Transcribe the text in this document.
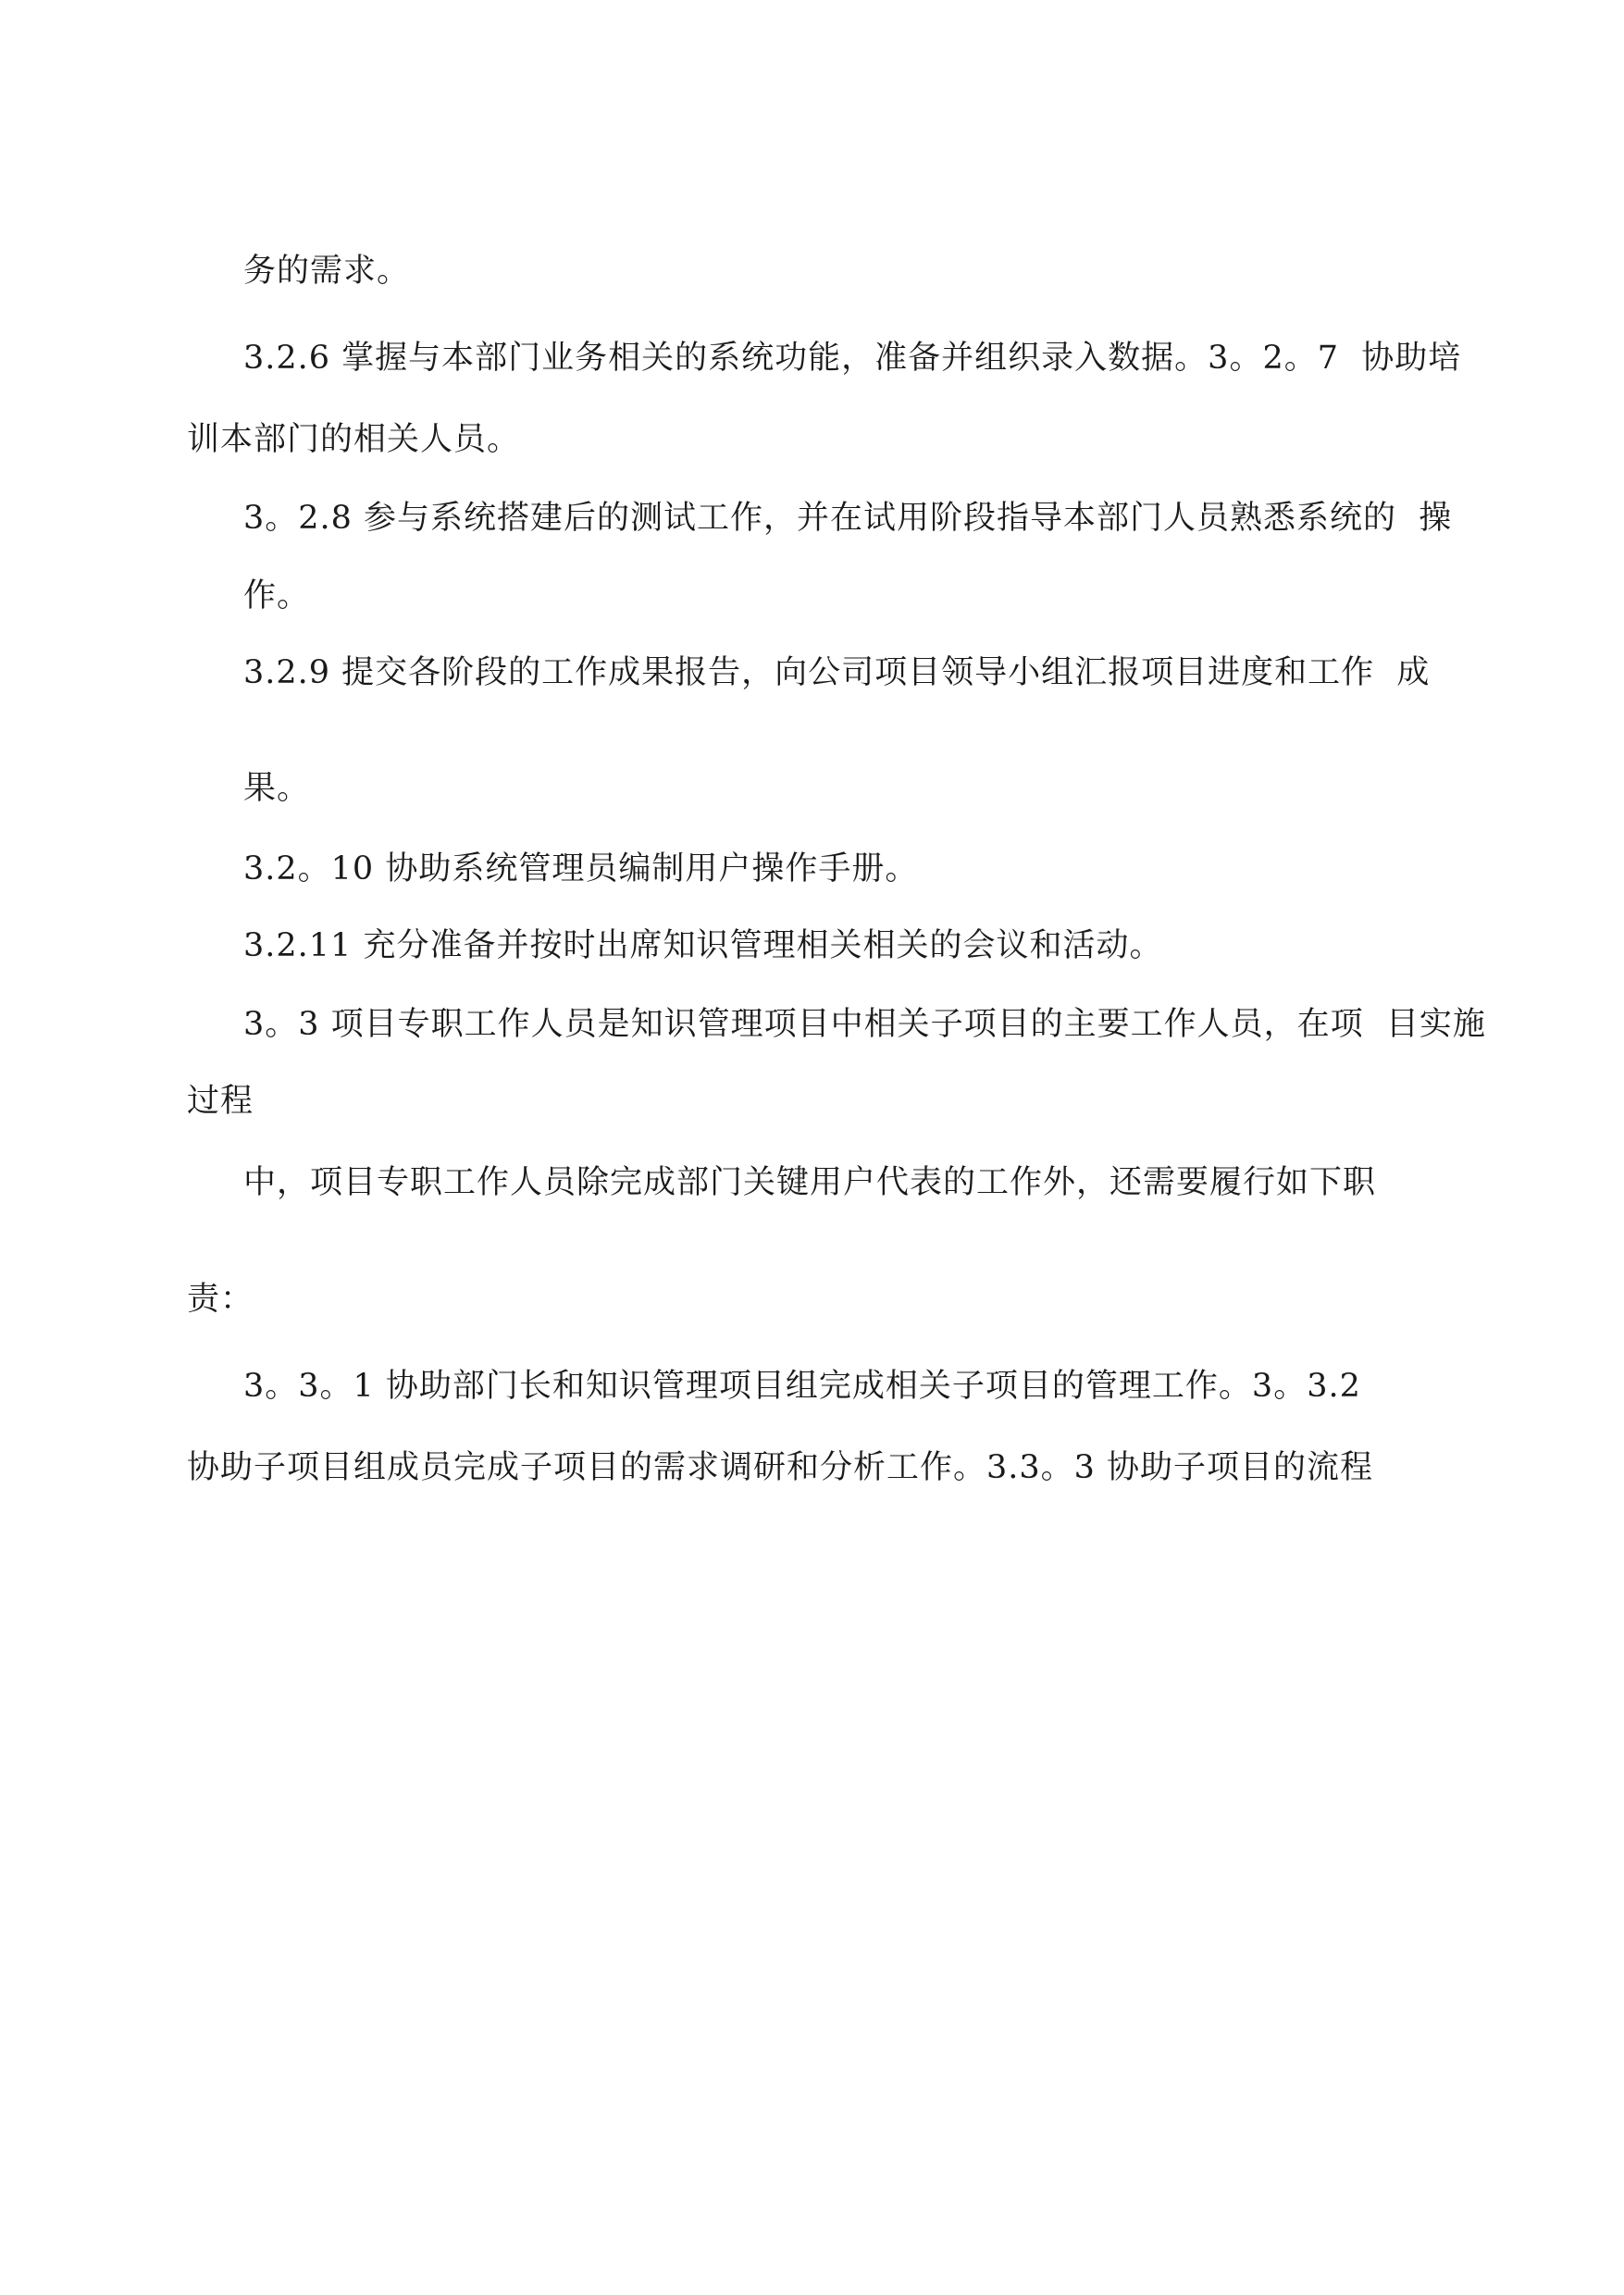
务的需求。
3.2.6 掌握与本部门业务相关的系统功能，准备并组织录入数据。3。2。7  协助培
训本部门的相关人员。
3。2.8 参与系统搭建后的测试工作，并在试用阶段指导本部门人员熟悉系统的  操
作。
3.2.9 提交各阶段的工作成果报告，向公司项目领导小组汇报项目进度和工作  成
果。
3.2。10 协助系统管理员编制用户操作手册。
3.2.11 充分准备并按时出席知识管理相关相关的会议和活动。
3。3 项目专职工作人员是知识管理项目中相关子项目的主要工作人员，在项  目实施
过程
中，项目专职工作人员除完成部门关键用户代表的工作外，还需要履行如下职
责：
3。3。1 协助部门长和知识管理项目组完成相关子项目的管理工作。3。3.2
协助子项目组成员完成子项目的需求调研和分析工作。3.3。3 协助子项目的流程
